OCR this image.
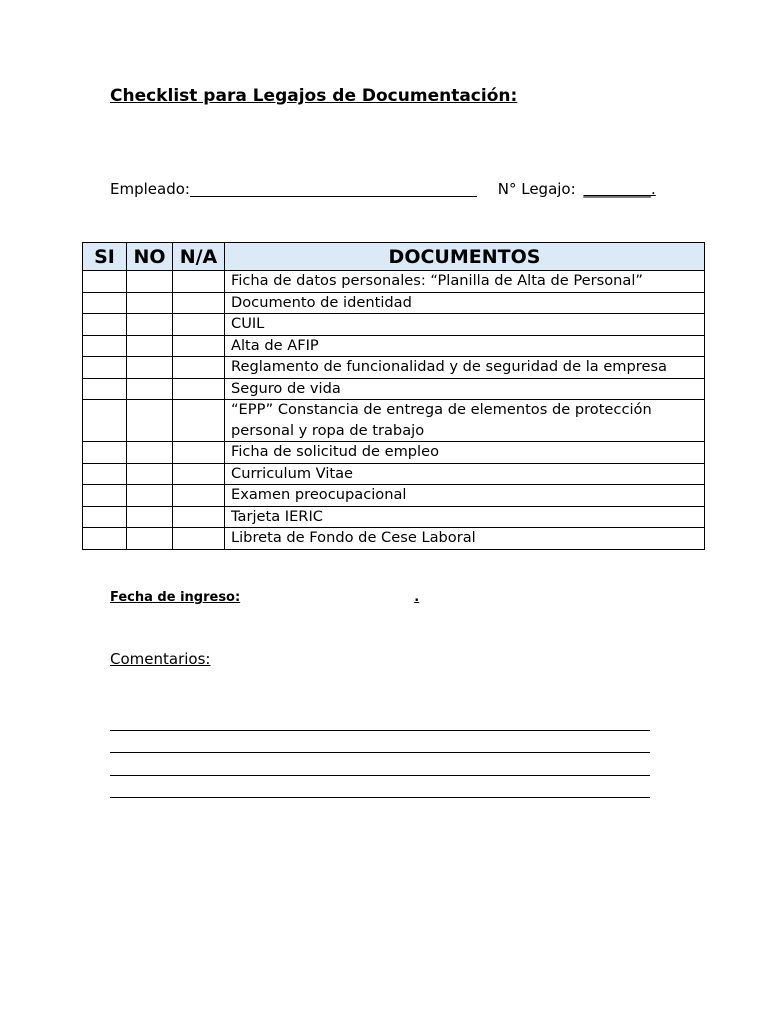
Checklist para Legajos de Documentación:
Empleado:	N° Legajo: _________.
SI	NO	N/A	DOCUMENTOS
			Ficha de datos personales: “Planilla de Alta de Personal”
			Documento de identidad
			CUIL
			Alta de AFIP
			Reglamento de funcionalidad y de seguridad de la empresa
			Seguro de vida
			“EPP” Constancia de entrega de elementos de protección personal y ropa de trabajo
			Ficha de solicitud de empleo
			Curriculum Vitae
			Examen preocupacional
			Tarjeta IERIC
			Libreta de Fondo de Cese Laboral
Fecha de ingreso:	.
Comentarios:
